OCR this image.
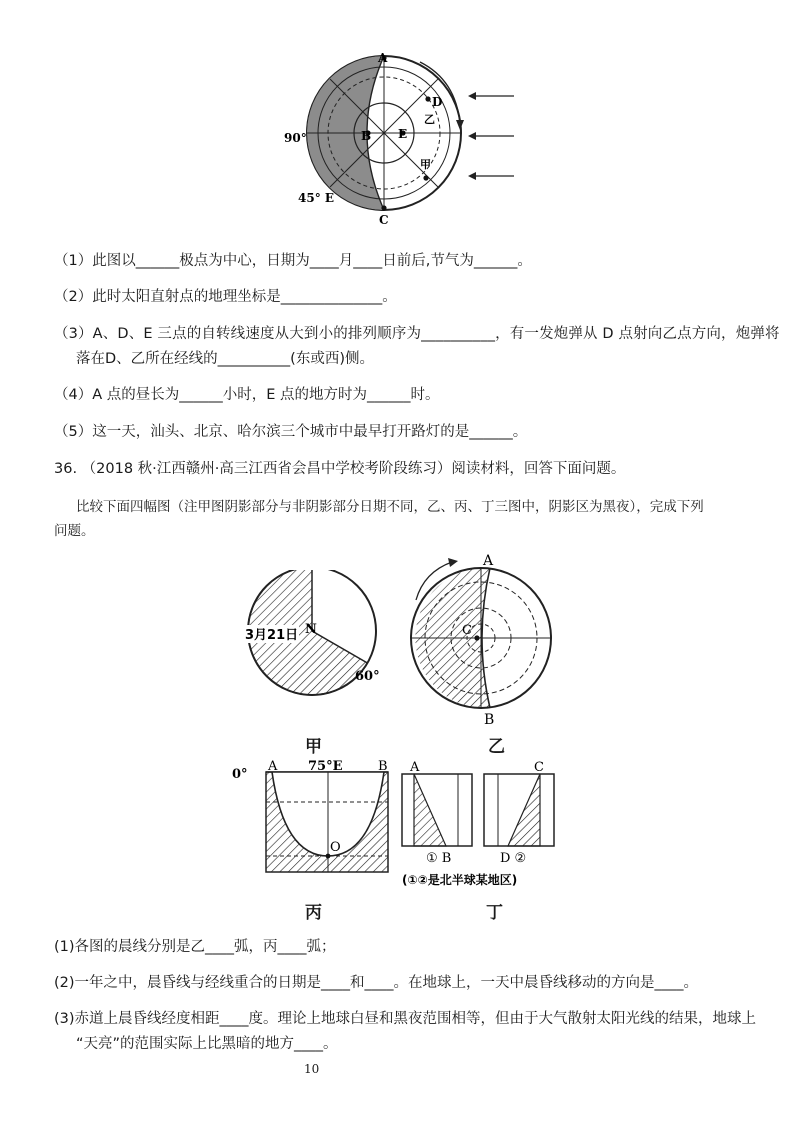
A
D
B E
乙
甲
C
90°
45° E
（1）此图以______极点为中心，日期为____月____日前后,节气为______。
（2）此时太阳直射点的地理坐标是______________。
（3）A、D、E 三点的自转线速度从大到小的排列顺序为__________，有一发炮弹从 D 点射向乙点方向，炮弹将
落在D、乙所在经线的__________(东或西)侧。
（4）A 点的昼长为______小时，E 点的地方时为______时。
（5）这一天，汕头、北京、哈尔滨三个城市中最早打开路灯的是______。
36. （2018 秋·江西赣州·高三江西省会昌中学校考阶段练习）阅读材料，回答下面问题。
比较下面四幅图（注甲图阴影部分与非阴影部分日期不同，乙、丙、丁三图中，阴影区为黑夜），完成下列
问题。
3月21日 N
60°
甲
A
B
C
乙
0°
A 75°E	B
O
丙
A	C
① B	D ②
(①②是北半球某地区)
丁
(1)各图的晨线分别是乙____弧，丙____弧；
(2)一年之中，晨昏线与经线重合的日期是____和____。在地球上，一天中晨昏线移动的方向是____。
(3)赤道上晨昏线经度相距____度。理论上地球白昼和黑夜范围相等，但由于大气散射太阳光线的结果，地球上
“天亮”的范围实际上比黑暗的地方____。
10
